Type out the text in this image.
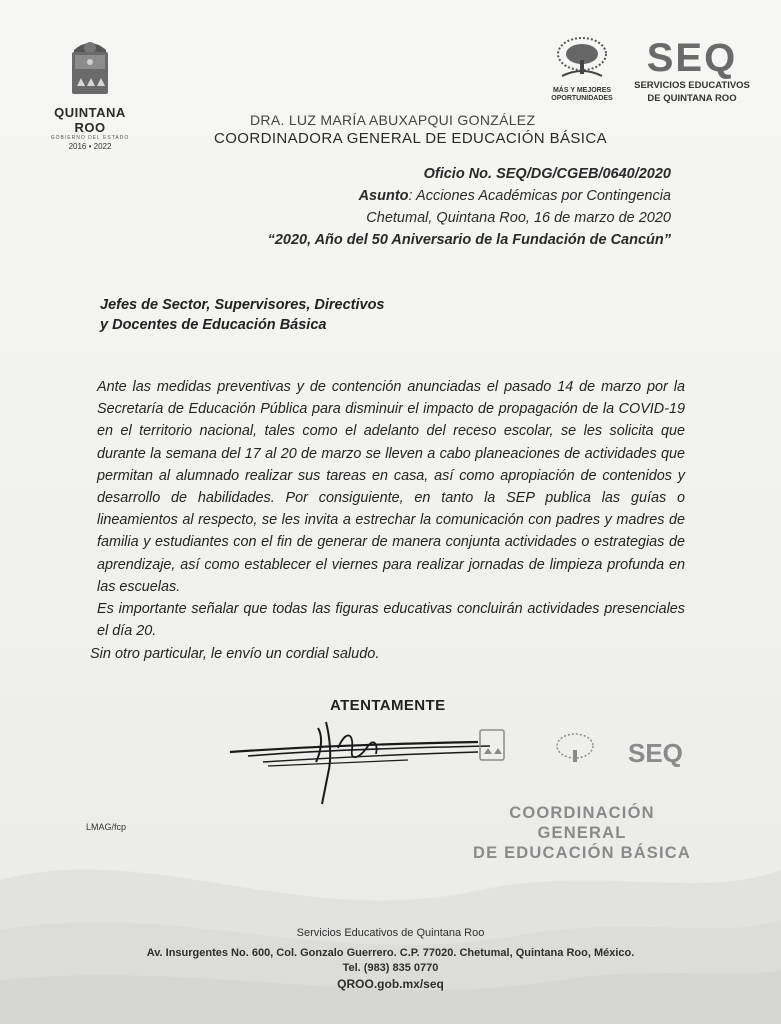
QUINTANA ROO
GOBIERNO DEL ESTADO
2016 • 2022
MÁS Y MEJORES
OPORTUNIDADES
SEQ
SERVICIOS EDUCATIVOS
DE QUINTANA ROO
DRA. LUZ MARÍA ABUXAPQUI GONZÁLEZ
COORDINADORA GENERAL DE EDUCACIÓN BÁSICA
Oficio No. SEQ/DG/CGEB/0640/2020
Asunto: Acciones Académicas por Contingencia
Chetumal, Quintana Roo, 16 de marzo de 2020
“2020, Año del 50 Aniversario de la Fundación de Cancún”
Jefes de Sector, Supervisores, Directivos
y Docentes de Educación Básica

Ante las medidas preventivas y de contención anunciadas el pasado 14 de marzo por la Secretaría de Educación Pública para disminuir el impacto de propagación de la COVID-19 en el territorio nacional, tales como el adelanto del receso escolar, se les solicita que durante la semana del 17 al 20 de marzo se lleven a cabo planeaciones de actividades que permitan al alumnado realizar sus tareas en casa, así como apropiación de contenidos y desarrollo de habilidades. Por consiguiente, en tanto la SEP publica las guías o lineamientos al respecto, se les invita a estrechar la comunicación con padres y madres de familia y estudiantes con el fin de generar de manera conjunta actividades o estrategias de aprendizaje, así como establecer el viernes para realizar jornadas de limpieza profunda en las escuelas.

Es importante señalar que todas las figuras educativas concluirán actividades presenciales el día 20.

Sin otro particular, le envío un cordial saludo.
ATENTAMENTE
SEQ
COORDINACIÓN GENERAL
DE EDUCACIÓN BÁSICA
LMAG/fcp
Servicios Educativos de Quintana Roo
Av. Insurgentes No. 600, Col. Gonzalo Guerrero. C.P. 77020. Chetumal, Quintana Roo, México.
Tel. (983) 835 0770
QROO.gob.mx/seq
